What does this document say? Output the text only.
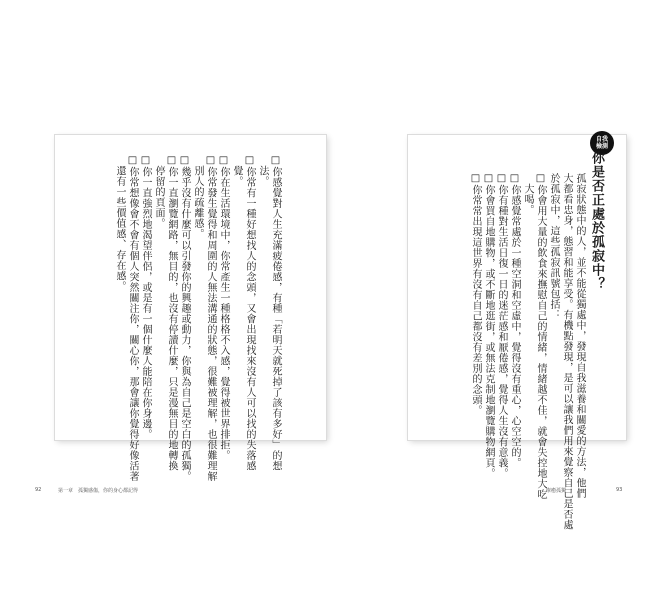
□你感覺對人生充滿疲倦感，有種「若明天就死掉了該有多好」的想
　法。
□你常有一種好想找人的念頭，又會出現找來沒有人可以找的失落感
　覺。
□你在生活環境中，你常產生一種格格不入感，覺得被世界排拒。
□你常發生覺得和周圍的人無法溝通的狀態，很難被理解，也很難理解
　別人的疏離感。
□幾乎沒有什麼可以引發你的興趣或動力，你與為自己是空白的孤獨。
□你一直瀏覽網路，無目的，也沒有停讀什麼，只是漫無目的地轉換
　停留的頁面。
□你一直強烈地渴望伴侶，或是有一個什麼人能陪在你身邊。
□你常想像會不會有個人突然關注你，關心你，那會讓你覺得好像活著
　還有一些價值感、存在感。
自我
檢測
你是否正處於孤寂中？
孤寂狀態中的人，並不能從獨處中，發現自我滋養和關愛的方法，他們
大都看忠身，態習和能享受。有機點發現，是可以讓我們用來覺察自己是否處
於孤寂中，這些孤寂訊號包括：
□你會用大量的飲食來撫慰自己的情緒，情緒越不佳，就會失控地大吃
　大喝。
□你感覺常處於一種空洞和空虛中，覺得沒有重心，心空空的。
□你有種對生活日復一日的迷茫感和厭倦感，覺得人生沒有意義。
□你會買自地購物，或不斷地逛街，或無法克制地瀏覽購物網頁。
□你常常出現這世界有沒有自己都沒有差別的念頭。
92	第一章　孤獨感傷，你的身心都記得	療癒孤獨	93
